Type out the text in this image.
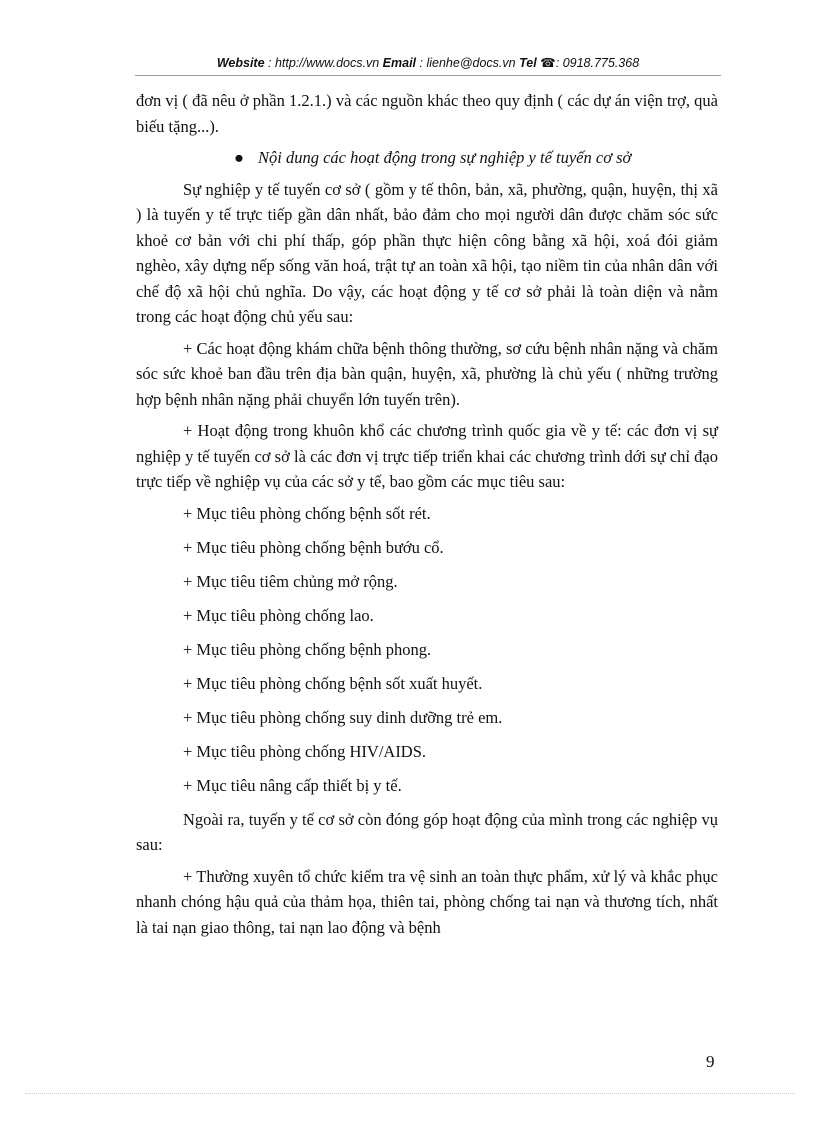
Website : http://www.docs.vn Email : lienhe@docs.vn Tel ☎: 0918.775.368

đơn vị ( đã nêu ở phần 1.2.1.) và các nguồn khác theo quy định ( các dự án viện trợ, quà biếu tặng...).

● Nội dung các hoạt động trong sự nghiệp y tế tuyến cơ sở

Sự nghiệp y tế tuyến cơ sở ( gồm y tế thôn, bản, xã, phường, quận, huyện, thị xã ) là tuyến y tế trực tiếp gần dân nhất, bảo đảm cho mọi người dân được chăm sóc sức khoẻ cơ bản với chi phí thấp, góp phần thực hiện công bằng xã hội, xoá đói giảm nghèo, xây dựng nếp sống văn hoá, trật tự an toàn xã hội, tạo niềm tin của nhân dân với chế độ xã hội chủ nghĩa. Do vậy, các hoạt động y tế cơ sở phải là toàn diện và nằm trong các hoạt động chủ yếu sau:

+ Các hoạt động khám chữa bệnh thông thường, sơ cứu bệnh nhân nặng và chăm sóc sức khoẻ ban đầu trên địa bàn quận, huyện, xã, phường là chủ yếu ( những trường hợp bệnh nhân nặng phải chuyển lớn tuyến trên).

+ Hoạt động trong khuôn khổ các chương trình quốc gia về y tế: các đơn vị sự nghiệp y tế tuyến cơ sở là các đơn vị trực tiếp triển khai các chương trình dới sự chỉ đạo trực tiếp về nghiệp vụ của các sở y tế, bao gồm các mục tiêu sau:

+ Mục tiêu phòng chống bệnh sốt rét.
+ Mục tiêu phòng chống bệnh bướu cổ.
+ Mục tiêu tiêm chủng mở rộng.
+ Mục tiêu phòng chống lao.
+ Mục tiêu phòng chống bệnh phong.
+ Mục tiêu phòng chống bệnh sốt xuất huyết.
+ Mục tiêu phòng chống suy dinh dưỡng trẻ em.
+ Mục tiêu phòng chống HIV/AIDS.
+ Mục tiêu nâng cấp thiết bị y tế.

Ngoài ra, tuyến y tế cơ sở còn đóng góp hoạt động của mình trong các nghiệp vụ sau:

+ Thường xuyên tổ chức kiểm tra vệ sinh an toàn thực phẩm, xử lý và khắc phục nhanh chóng hậu quả của thảm họa, thiên tai, phòng chống tai nạn và thương tích, nhất là tai nạn giao thông, tai nạn lao động và bệnh

9
